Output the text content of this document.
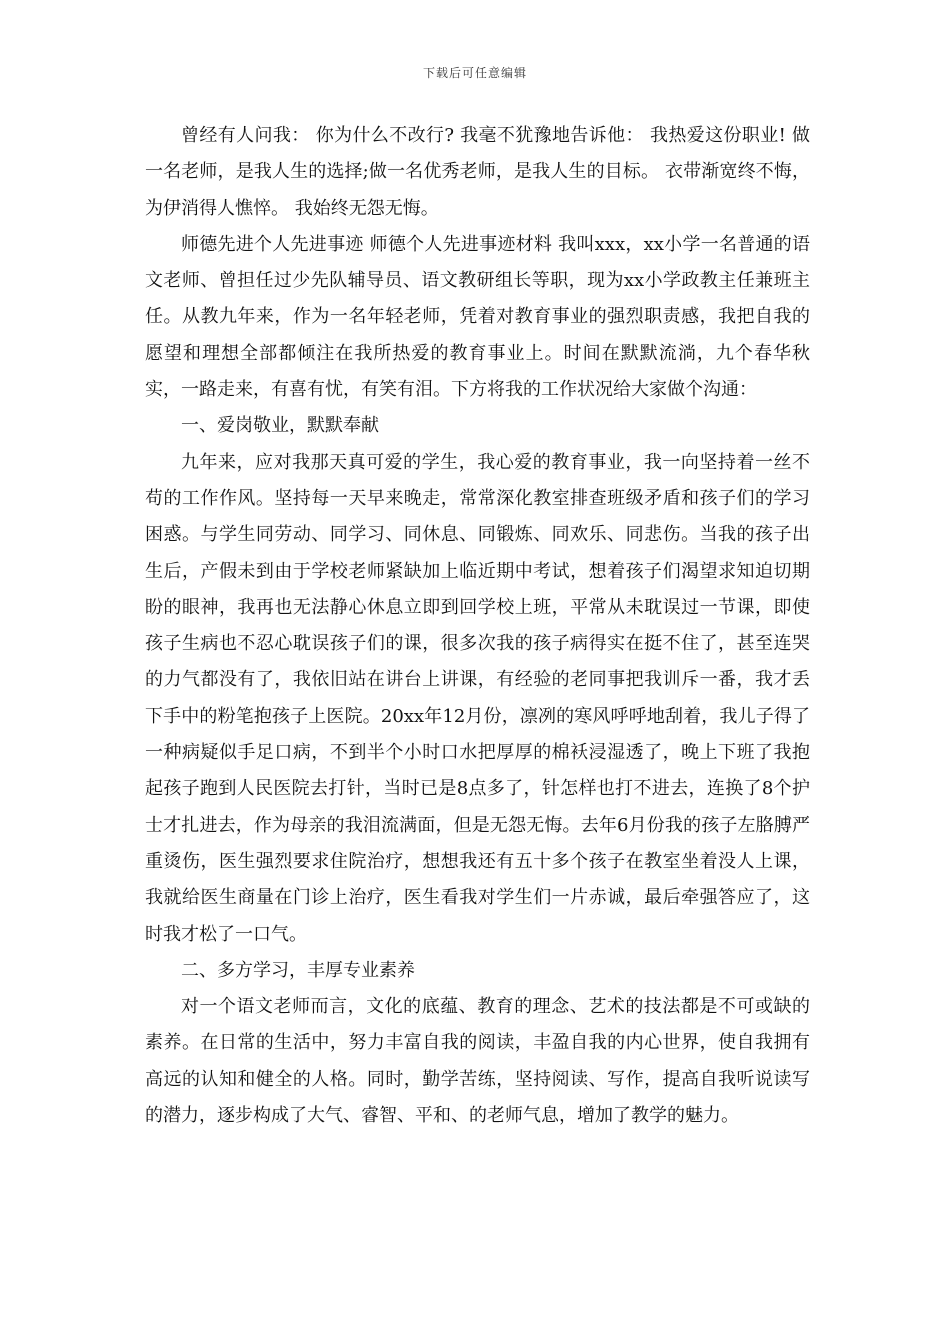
下载后可任意编辑

曾经有人问我： 你为什么不改行? 我毫不犹豫地告诉他： 我热爱这份职业! 做一名老师，是我人生的选择;做一名优秀老师，是我人生的目标。 衣带渐宽终不悔，为伊消得人憔悴。 我始终无怨无悔。

师德先进个人先进事迹 师德个人先进事迹材料 我叫xxx，xx小学一名普通的语文老师、曾担任过少先队辅导员、语文教研组长等职，现为xx小学政教主任兼班主任。从教九年来，作为一名年轻老师，凭着对教育事业的强烈职责感，我把自我的愿望和理想全部都倾注在我所热爱的教育事业上。时间在默默流淌，九个春华秋实，一路走来，有喜有忧，有笑有泪。下方将我的工作状况给大家做个沟通：

一、爱岗敬业，默默奉献

九年来，应对我那天真可爱的学生，我心爱的教育事业，我一向坚持着一丝不苟的工作作风。坚持每一天早来晚走，常常深化教室排查班级矛盾和孩子们的学习困惑。与学生同劳动、同学习、同休息、同锻炼、同欢乐、同悲伤。当我的孩子出生后，产假未到由于学校老师紧缺加上临近期中考试，想着孩子们渴望求知迫切期盼的眼神，我再也无法静心休息立即到回学校上班，平常从未耽误过一节课，即使孩子生病也不忍心耽误孩子们的课，很多次我的孩子病得实在挺不住了，甚至连哭的力气都没有了，我依旧站在讲台上讲课，有经验的老同事把我训斥一番，我才丢下手中的粉笔抱孩子上医院。20xx年12月份，凛冽的寒风呼呼地刮着，我儿子得了一种病疑似手足口病，不到半个小时口水把厚厚的棉袄浸湿透了，晚上下班了我抱起孩子跑到人民医院去打针，当时已是8点多了，针怎样也打不进去，连换了8个护士才扎进去，作为母亲的我泪流满面，但是无怨无悔。去年6月份我的孩子左胳膊严重烫伤，医生强烈要求住院治疗，想想我还有五十多个孩子在教室坐着没人上课，我就给医生商量在门诊上治疗，医生看我对学生们一片赤诚，最后牵强答应了，这时我才松了一口气。

二、多方学习，丰厚专业素养

对一个语文老师而言，文化的底蕴、教育的理念、艺术的技法都是不可或缺的素养。在日常的生活中，努力丰富自我的阅读，丰盈自我的内心世界，使自我拥有高远的认知和健全的人格。同时，勤学苦练，坚持阅读、写作，提高自我听说读写的潜力，逐步构成了大气、睿智、平和、的老师气息，增加了教学的魅力。
